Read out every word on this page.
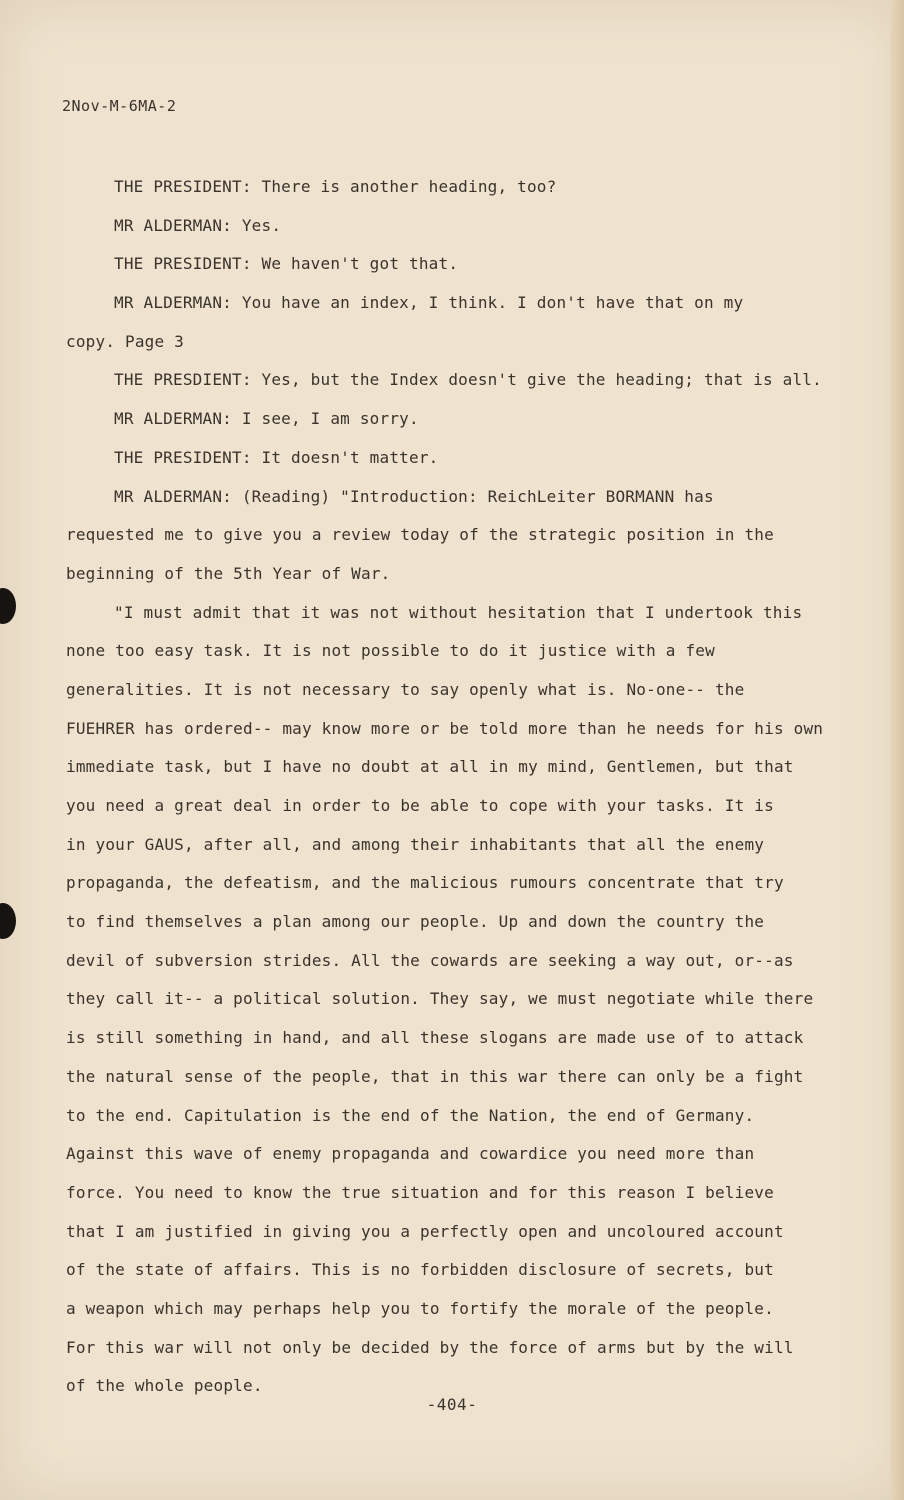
2Nov-M-6MA-2
THE PRESIDENT: There is another heading, too?
MR ALDERMAN: Yes.
THE PRESIDENT: We haven't got that.
MR ALDERMAN: You have an index, I think. I don't have that on my
copy. Page 3
THE PRESDIENT: Yes, but the Index doesn't give the heading; that is all.
MR ALDERMAN: I see, I am sorry.
THE PRESIDENT: It doesn't matter.
MR ALDERMAN: (Reading) "Introduction: ReichLeiter BORMANN has
requested me to give you a review today of the strategic position in the
beginning of the 5th Year of War.
"I must admit that it was not without hesitation that I undertook this
none too easy task. It is not possible to do it justice with a few
generalities. It is not necessary to say openly what is. No-one-- the
FUEHRER has ordered-- may know more or be told more than he needs for his own
immediate task, but I have no doubt at all in my mind, Gentlemen, but that
you need a great deal in order to be able to cope with your tasks. It is
in your GAUS, after all, and among their inhabitants that all the enemy
propaganda, the defeatism, and the malicious rumours concentrate that try
to find themselves a plan among our people. Up and down the country the
devil of subversion strides. All the cowards are seeking a way out, or--as
they call it-- a political solution. They say, we must negotiate while there
is still something in hand, and all these slogans are made use of to attack
the natural sense of the people, that in this war there can only be a fight
to the end. Capitulation is the end of the Nation, the end of Germany.
Against this wave of enemy propaganda and cowardice you need more than
force. You need to know the true situation and for this reason I believe
that I am justified in giving you a perfectly open and uncoloured account
of the state of affairs. This is no forbidden disclosure of secrets, but
a weapon which may perhaps help you to fortify the morale of the people.
For this war will not only be decided by the force of arms but by the will
of the whole people.
-404-
